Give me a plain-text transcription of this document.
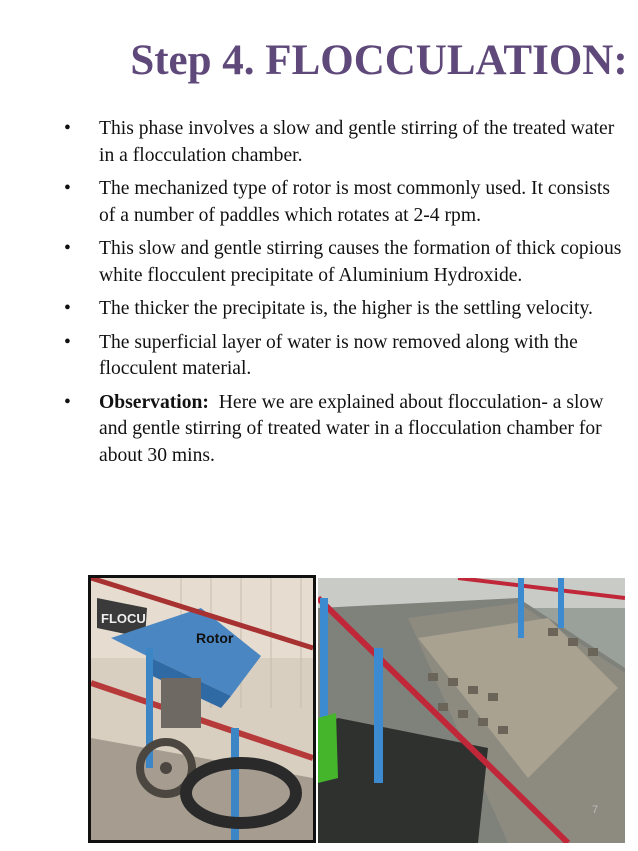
Step 4. FLOCCULATION:
• This phase involves a slow and gentle stirring of the treated water in a flocculation chamber.
• The mechanized type of rotor is most commonly used. It consists of a number of paddles which rotates at 2-4 rpm.
• This slow and gentle stirring causes the formation of thick copious white flocculent precipitate of Aluminium Hydroxide.
• The thicker the precipitate is, the higher is the settling velocity.
• The superficial layer of water is now removed along with the flocculent material.
• Observation: Here we are explained about flocculation- a slow and gentle stirring of treated water in a flocculation chamber for about 30 mins.
FLOCU
Rotor
7
